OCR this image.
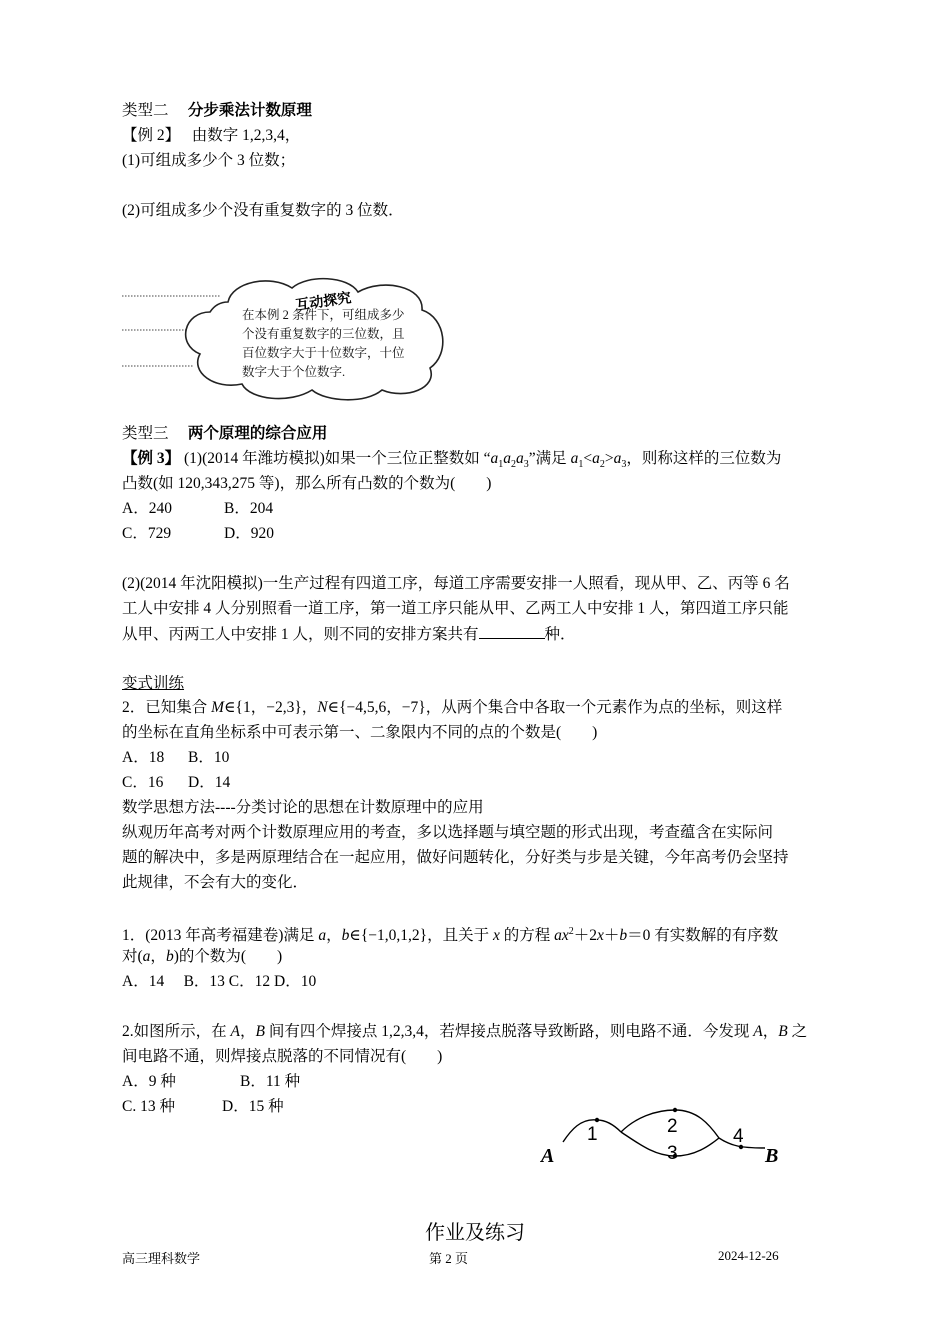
类型二　 分步乘法计数原理
【例 2】　 由数字 1,2,3,4，
(1)可组成多少个 3 位数；
(2)可组成多少个没有重复数字的 3 位数．
互动探究
在本例 2 条件下，可组成多少
个没有重复数字的三位数，且
百位数字大于十位数字，十位
数字大于个位数字.
类型三　 两个原理的综合应用
【例 3】 (1)(2014 年潍坊模拟)如果一个三位正整数如 “$a_1a_2a_3$”满足 $a_1<a_2>a_3$，则称这样的三位数为
凸数(如 120,343,275 等)，那么所有凸数的个数为(　　)
A．240	B．204
C．729	D．920
(2)(2014 年沈阳模拟)一生产过程有四道工序，每道工序需要安排一人照看，现从甲、乙、丙等 6 名
工人中安排 4 人分别照看一道工序，第一道工序只能从甲、乙两工人中安排 1 人，第四道工序只能
从甲、丙两工人中安排 1 人，则不同的安排方案共有	种．
变式训练
2．已知集合 M∈{1，−2,3}，N∈{−4,5,6，−7}，从两个集合中各取一个元素作为点的坐标，则这样
的坐标在直角坐标系中可表示第一、二象限内不同的点的个数是(　　)
A．18 B．10
C．16 D．14
数学思想方法----分类讨论的思想在计数原理中的应用
纵观历年高考对两个计数原理应用的考查，多以选择题与填空题的形式出现，考查蕴含在实际问
题的解决中，多是两原理结合在一起应用，做好问题转化，分好类与步是关键，今年高考仍会坚持
此规律，不会有大的变化．
1．(2013 年高考福建卷)满足 a，b∈{−1,0,1,2}，且关于 x 的方程 $ax^2+2x+b=0$ 有实数解的有序数
对(a，b)的个数为(　　)
A．14　 B．13 C．12 D．10
2.如图所示，在 A，B 间有四个焊接点 1,2,3,4，若焊接点脱落导致断路，则电路不通．今发现 A，B 之
间电路不通，则焊接点脱落的不同情况有(　　)
A．9 种	B．11 种
C. 13 种	D．15 种
A	B
1	2
3
4
作业及练习
高三理科数学	第 2 页	2024-12-26
